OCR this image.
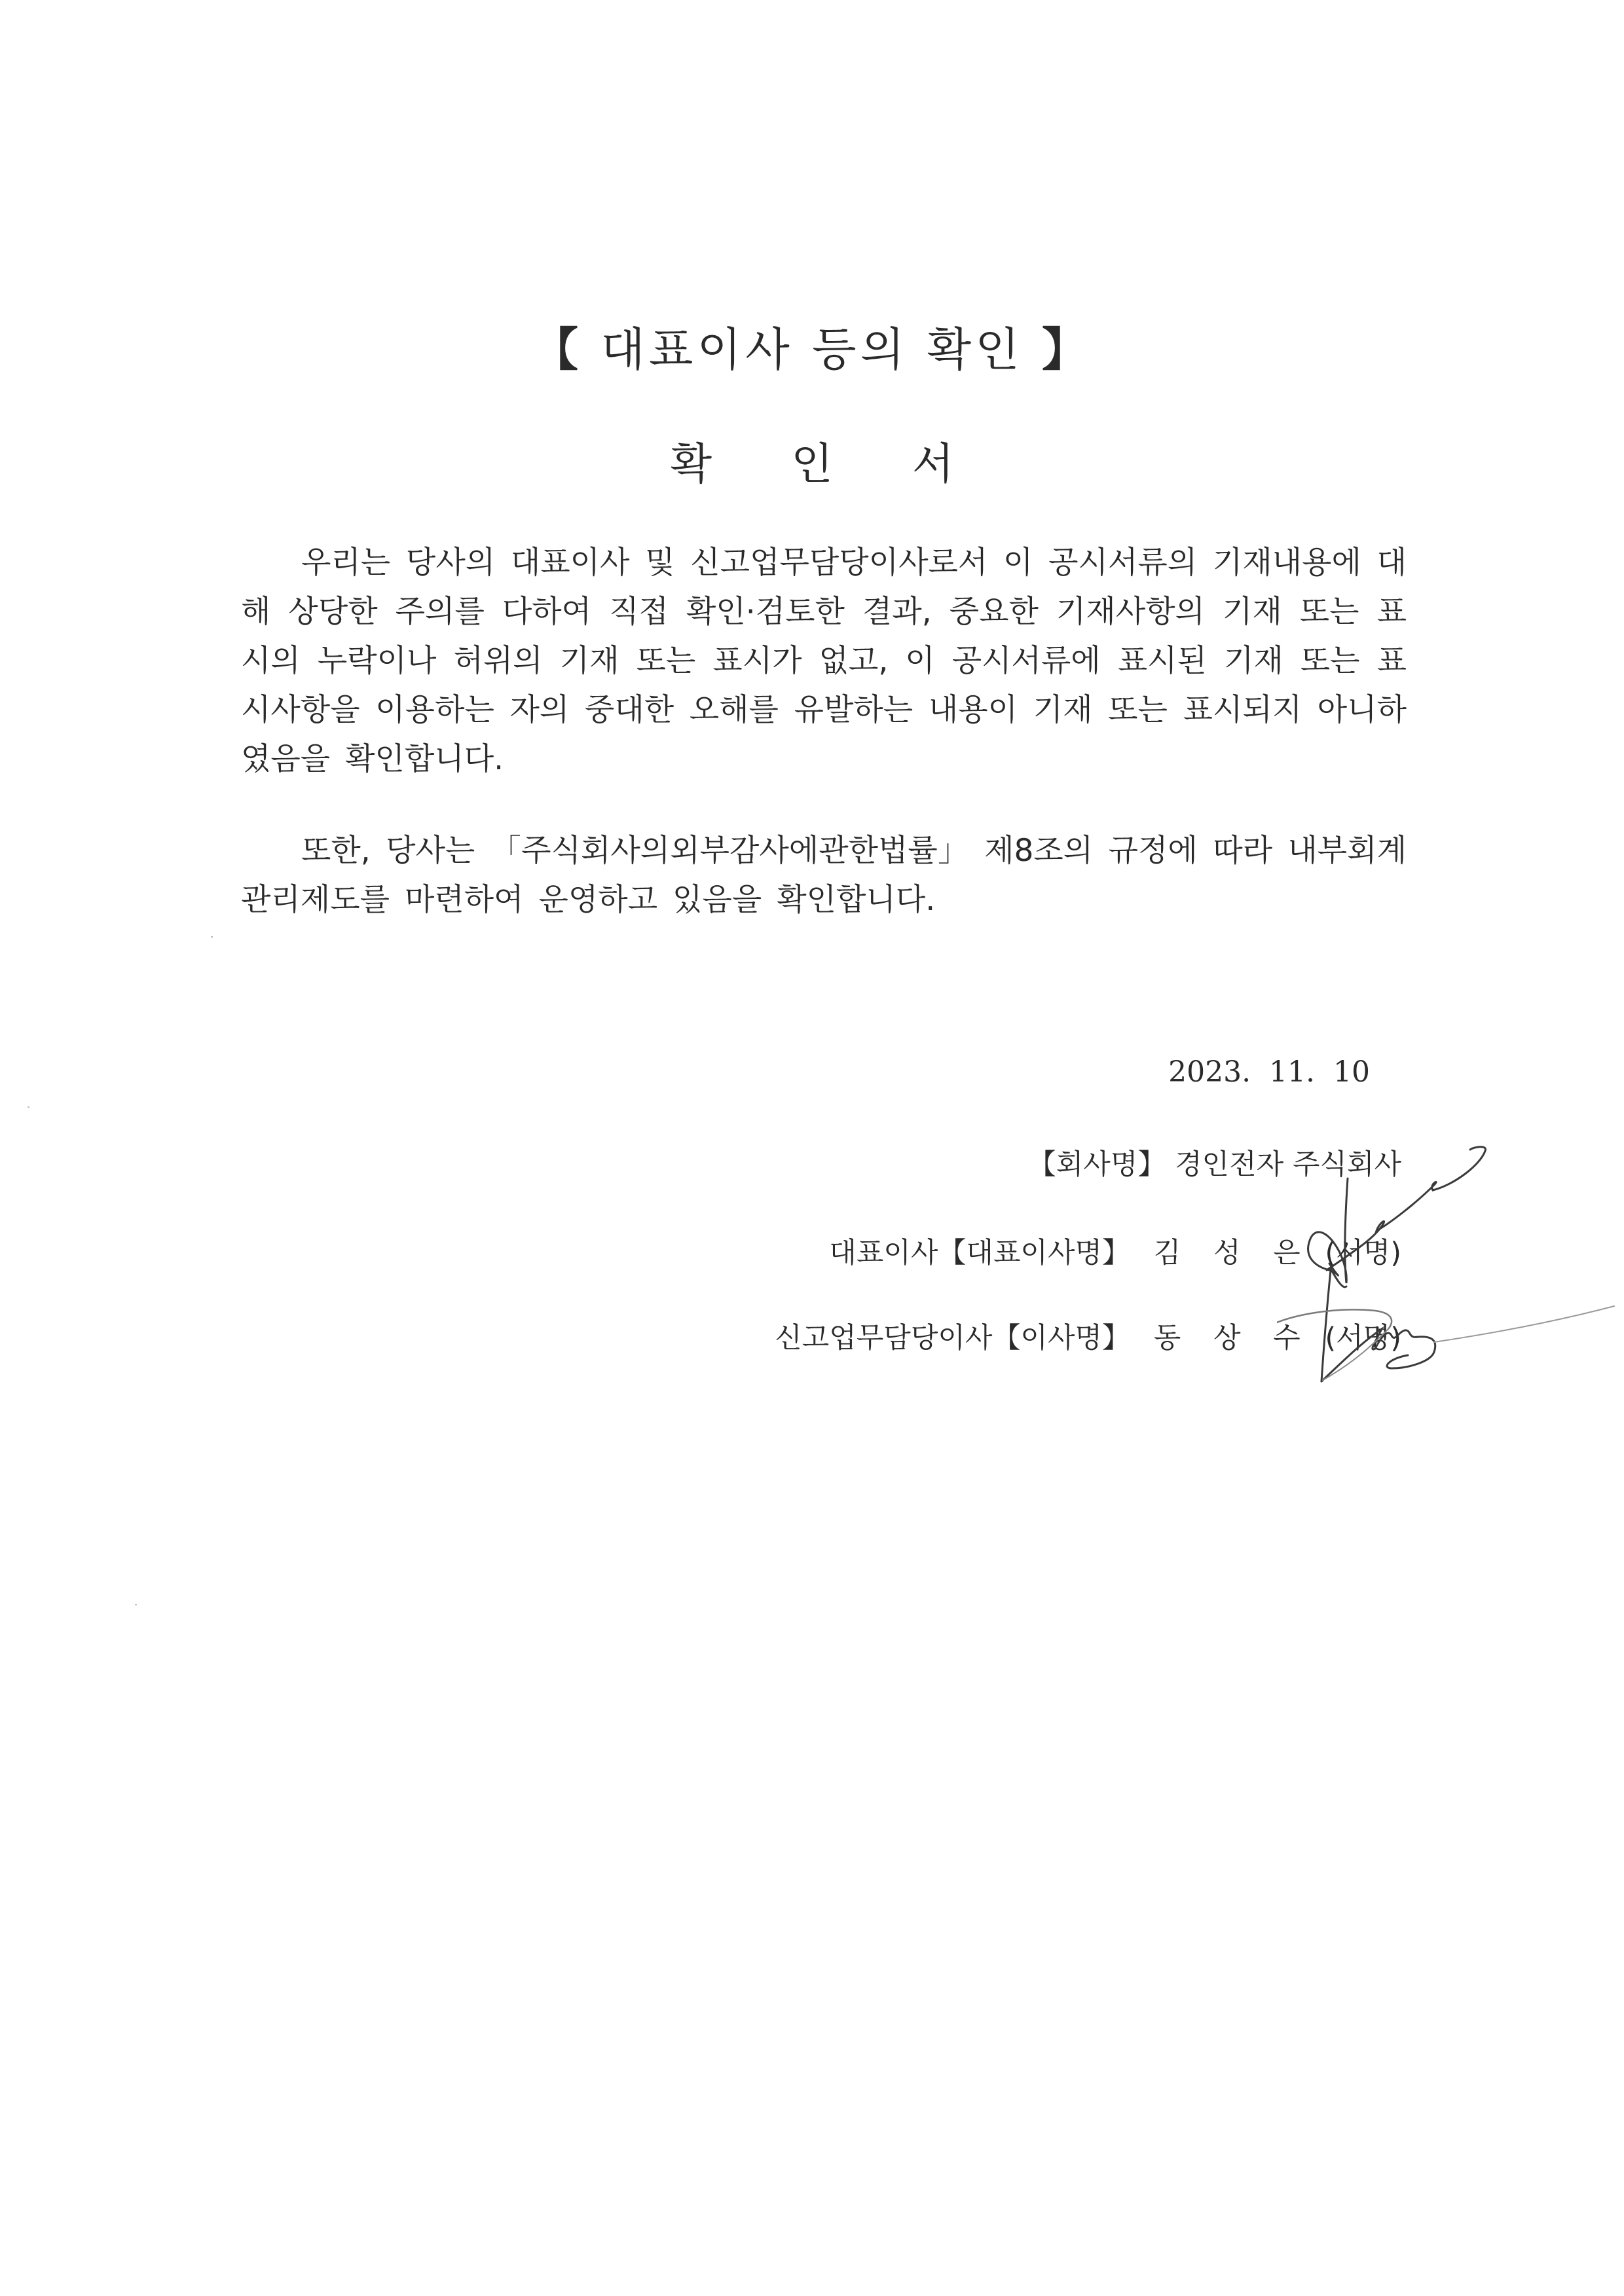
【 대표이사 등의 확인 】
확 인 서

우리는 당사의 대표이사 및 신고업무담당이사로서 이 공시서류의 기재내용에 대해 상당한 주의를 다하여 직접 확인·검토한 결과, 중요한 기재사항의 기재 또는 표시의 누락이나 허위의 기재 또는 표시가 없고, 이 공시서류에 표시된 기재 또는 표시사항을 이용하는 자의 중대한 오해를 유발하는 내용이 기재 또는 표시되지 아니하였음을 확인합니다.

또한, 당사는 「주식회사의외부감사에관한법률」 제8조의 규정에 따라 내부회계관리제도를 마련하여 운영하고 있음을 확인합니다.

2023. 11. 10
【회사명】 경인전자 주식회사
대표이사【대표이사명】 김 성 은 (서명)
신고업무담당이사【이사명】 동 상 수 (서명)
